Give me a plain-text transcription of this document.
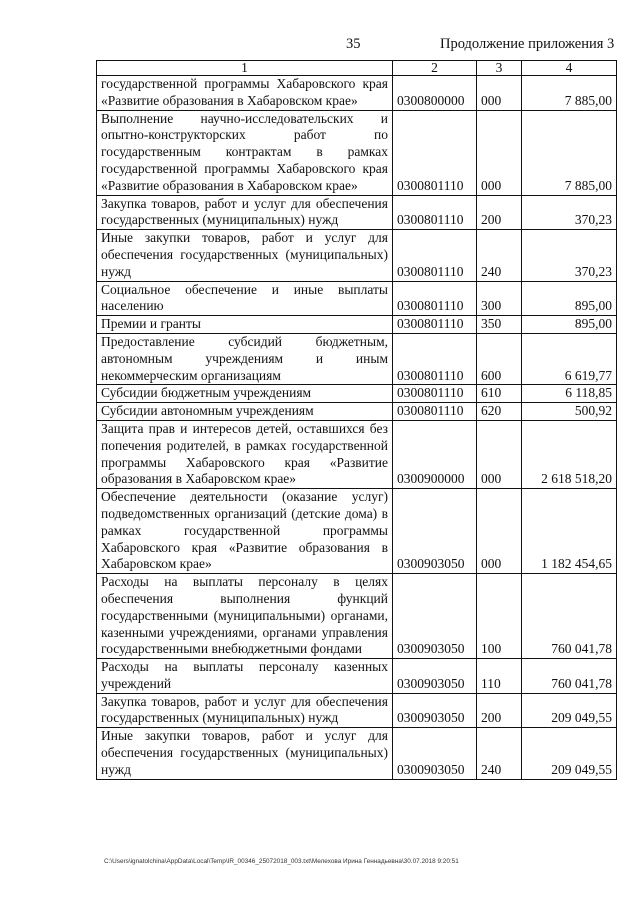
35	Продолжение приложения 3
1	2	3	4
государственной программы Хабаровского края «Развитие образования в Хабаровском крае»	0300800000	000	7 885,00
Выполнение научно-исследовательских и опытно-конструкторских работ по государственным контрактам в рамках государственной программы Хабаровского края «Развитие образования в Хабаровском крае»	0300801110	000	7 885,00
Закупка товаров, работ и услуг для обеспечения государственных (муниципальных) нужд	0300801110	200	370,23
Иные закупки товаров, работ и услуг для обеспечения государственных (муниципальных) нужд	0300801110	240	370,23
Социальное обеспечение и иные выплаты населению	0300801110	300	895,00
Премии и гранты	0300801110	350	895,00
Предоставление субсидий бюджетным, автономным учреждениям и иным некоммерческим организациям	0300801110	600	6 619,77
Субсидии бюджетным учреждениям	0300801110	610	6 118,85
Субсидии автономным учреждениям	0300801110	620	500,92
Защита прав и интересов детей, оставшихся без попечения родителей, в рамках государственной программы Хабаровского края «Развитие образования в Хабаровском крае»	0300900000	000	2 618 518,20
Обеспечение деятельности (оказание услуг) подведомственных организаций (детские дома) в рамках государственной программы Хабаровского края «Развитие образования в Хабаровском крае»	0300903050	000	1 182 454,65
Расходы на выплаты персоналу в целях обеспечения выполнения функций государственными (муниципальными) органами, казенными учреждениями, органами управления государственными внебюджетными фондами	0300903050	100	760 041,78
Расходы на выплаты персоналу казенных учреждений	0300903050	110	760 041,78
Закупка товаров, работ и услуг для обеспечения государственных (муниципальных) нужд	0300903050	200	209 049,55
Иные закупки товаров, работ и услуг для обеспечения государственных (муниципальных) нужд	0300903050	240	209 049,55
C:\Users\ignatolchina\AppData\Local\Temp\IR_00346_25072018_003.txt\Мелехова Ирина Геннадьевна\30.07.2018 9:20:51
